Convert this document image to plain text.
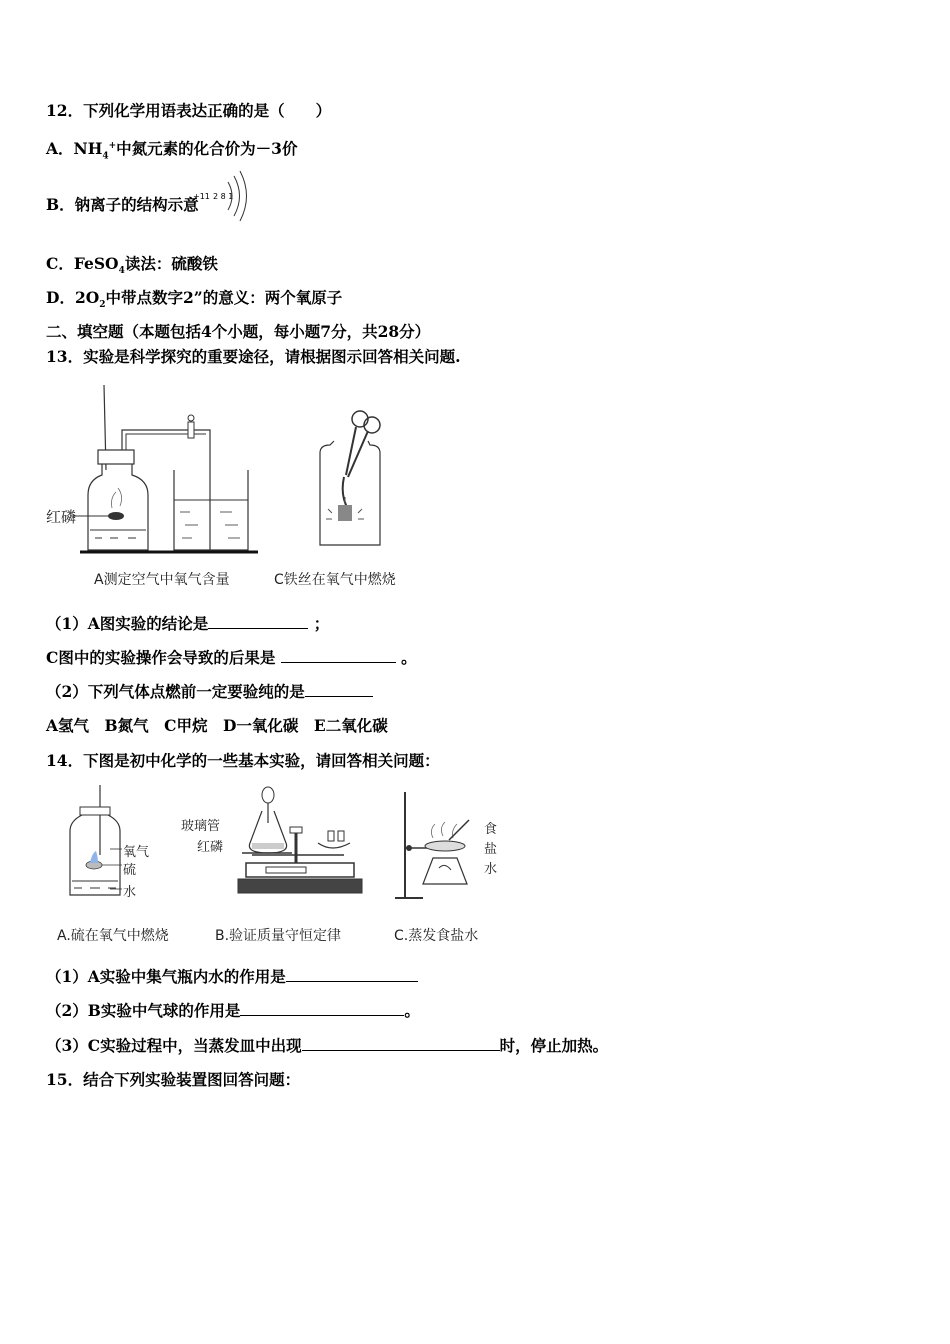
12．下列化学用语表达正确的是（　　）
A．$NH_4^+$中氮元素的化合价为－3价
B．钠离子的结构示意
+11 2 8 1
C．FeSO$_4$读法：硫酸铁
D．$2O_2$中带点数字2”的意义：两个氧原子
二、填空题（本题包括4个小题，每小题7分，共28分）
13．实验是科学探究的重要途径，请根据图示回答相关问题.
红磷
A测定空气中氧气含量	C铁丝在氧气中燃烧
（1）A图实验的结论是	；
C图中的实验操作会导致的后果是	。
（2）下列气体点燃前一定要验纯的是
A氢气　B氮气　C甲烷　D一氧化碳　E二氧化碳
14．下图是初中化学的一些基本实验，请回答相关问题：
氧气
硫
水
玻璃管
红磷
食
盐
水
A.硫在氧气中燃烧	B.验证质量守恒定律	C.蒸发食盐水
（1）A实验中集气瓶内水的作用是
（2）B实验中气球的作用是	。
（3）C实验过程中，当蒸发皿中出现	时，停止加热。
15．结合下列实验装置图回答问题：
